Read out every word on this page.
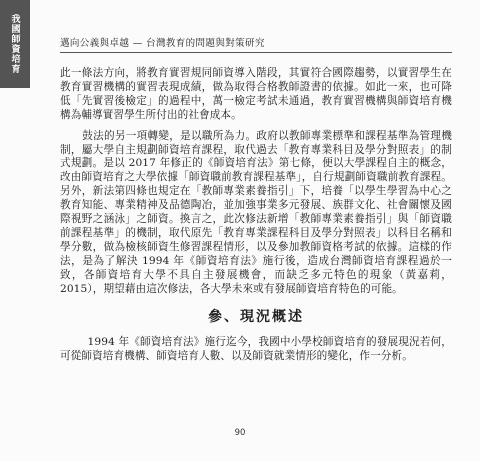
我國師資培育	邁向公義與卓越 — 台灣教育的問題與對策研究

此一條法方向，將教育實習規同師資導入階段，其實符合國際趨勢，以實習學生在教育實習機構的實習表現成績，做為取得合格教師證書的依據。如此一來，也可降低「先實習後檢定」的過程中，萬一檢定考試未通過，教育實習機構與師資培育機構為輔導實習學生所付出的社會成本。

鼓法的另一項轉變，是以職所為力。政府以教師專業標準和課程基準為管理機制，屬大學自主規劃師資培育課程，取代過去「教育專業科目及學分對照表」的制式規劃。是以 2017 年修正的《師資培育法》第七條，便以大學課程自主的概念，改由師資培育之大學依據「師資職前教育課程基準」，自行規劃師資職前教育課程。另外，新法第四條也規定在「教師專業素養指引」下，培養「以學生學習為中心之教育知能、專業精神及品德陶冶，並加強事業多元發展、族群文化、社會關懷及國際視野之涵泳」之師資。換言之，此次修法新增「教師專業素養指引」與「師資職前課程基準」的機制，取代原先「教育專業課程科目及學分對照表」以科目名稱和學分數，做為檢核師資生修習課程情形，以及參加教師資格考試的依據。這樣的作法，是為了解決 1994 年《師資培育法》施行後，造成台灣師資培育課程過於一致，各師資培育大學不具自主發展機會，而缺乏多元特色的現象（黃嘉莉，2015），期望藉由這次修法，各大學未來或有發展師資培育特色的可能。

參、現況概述

1994 年《師資培育法》施行迄今，我國中小學校師資培育的發展現況若何，可從師資培育機構、師資培育人數、以及師資就業情形的變化，作一分析。

90
